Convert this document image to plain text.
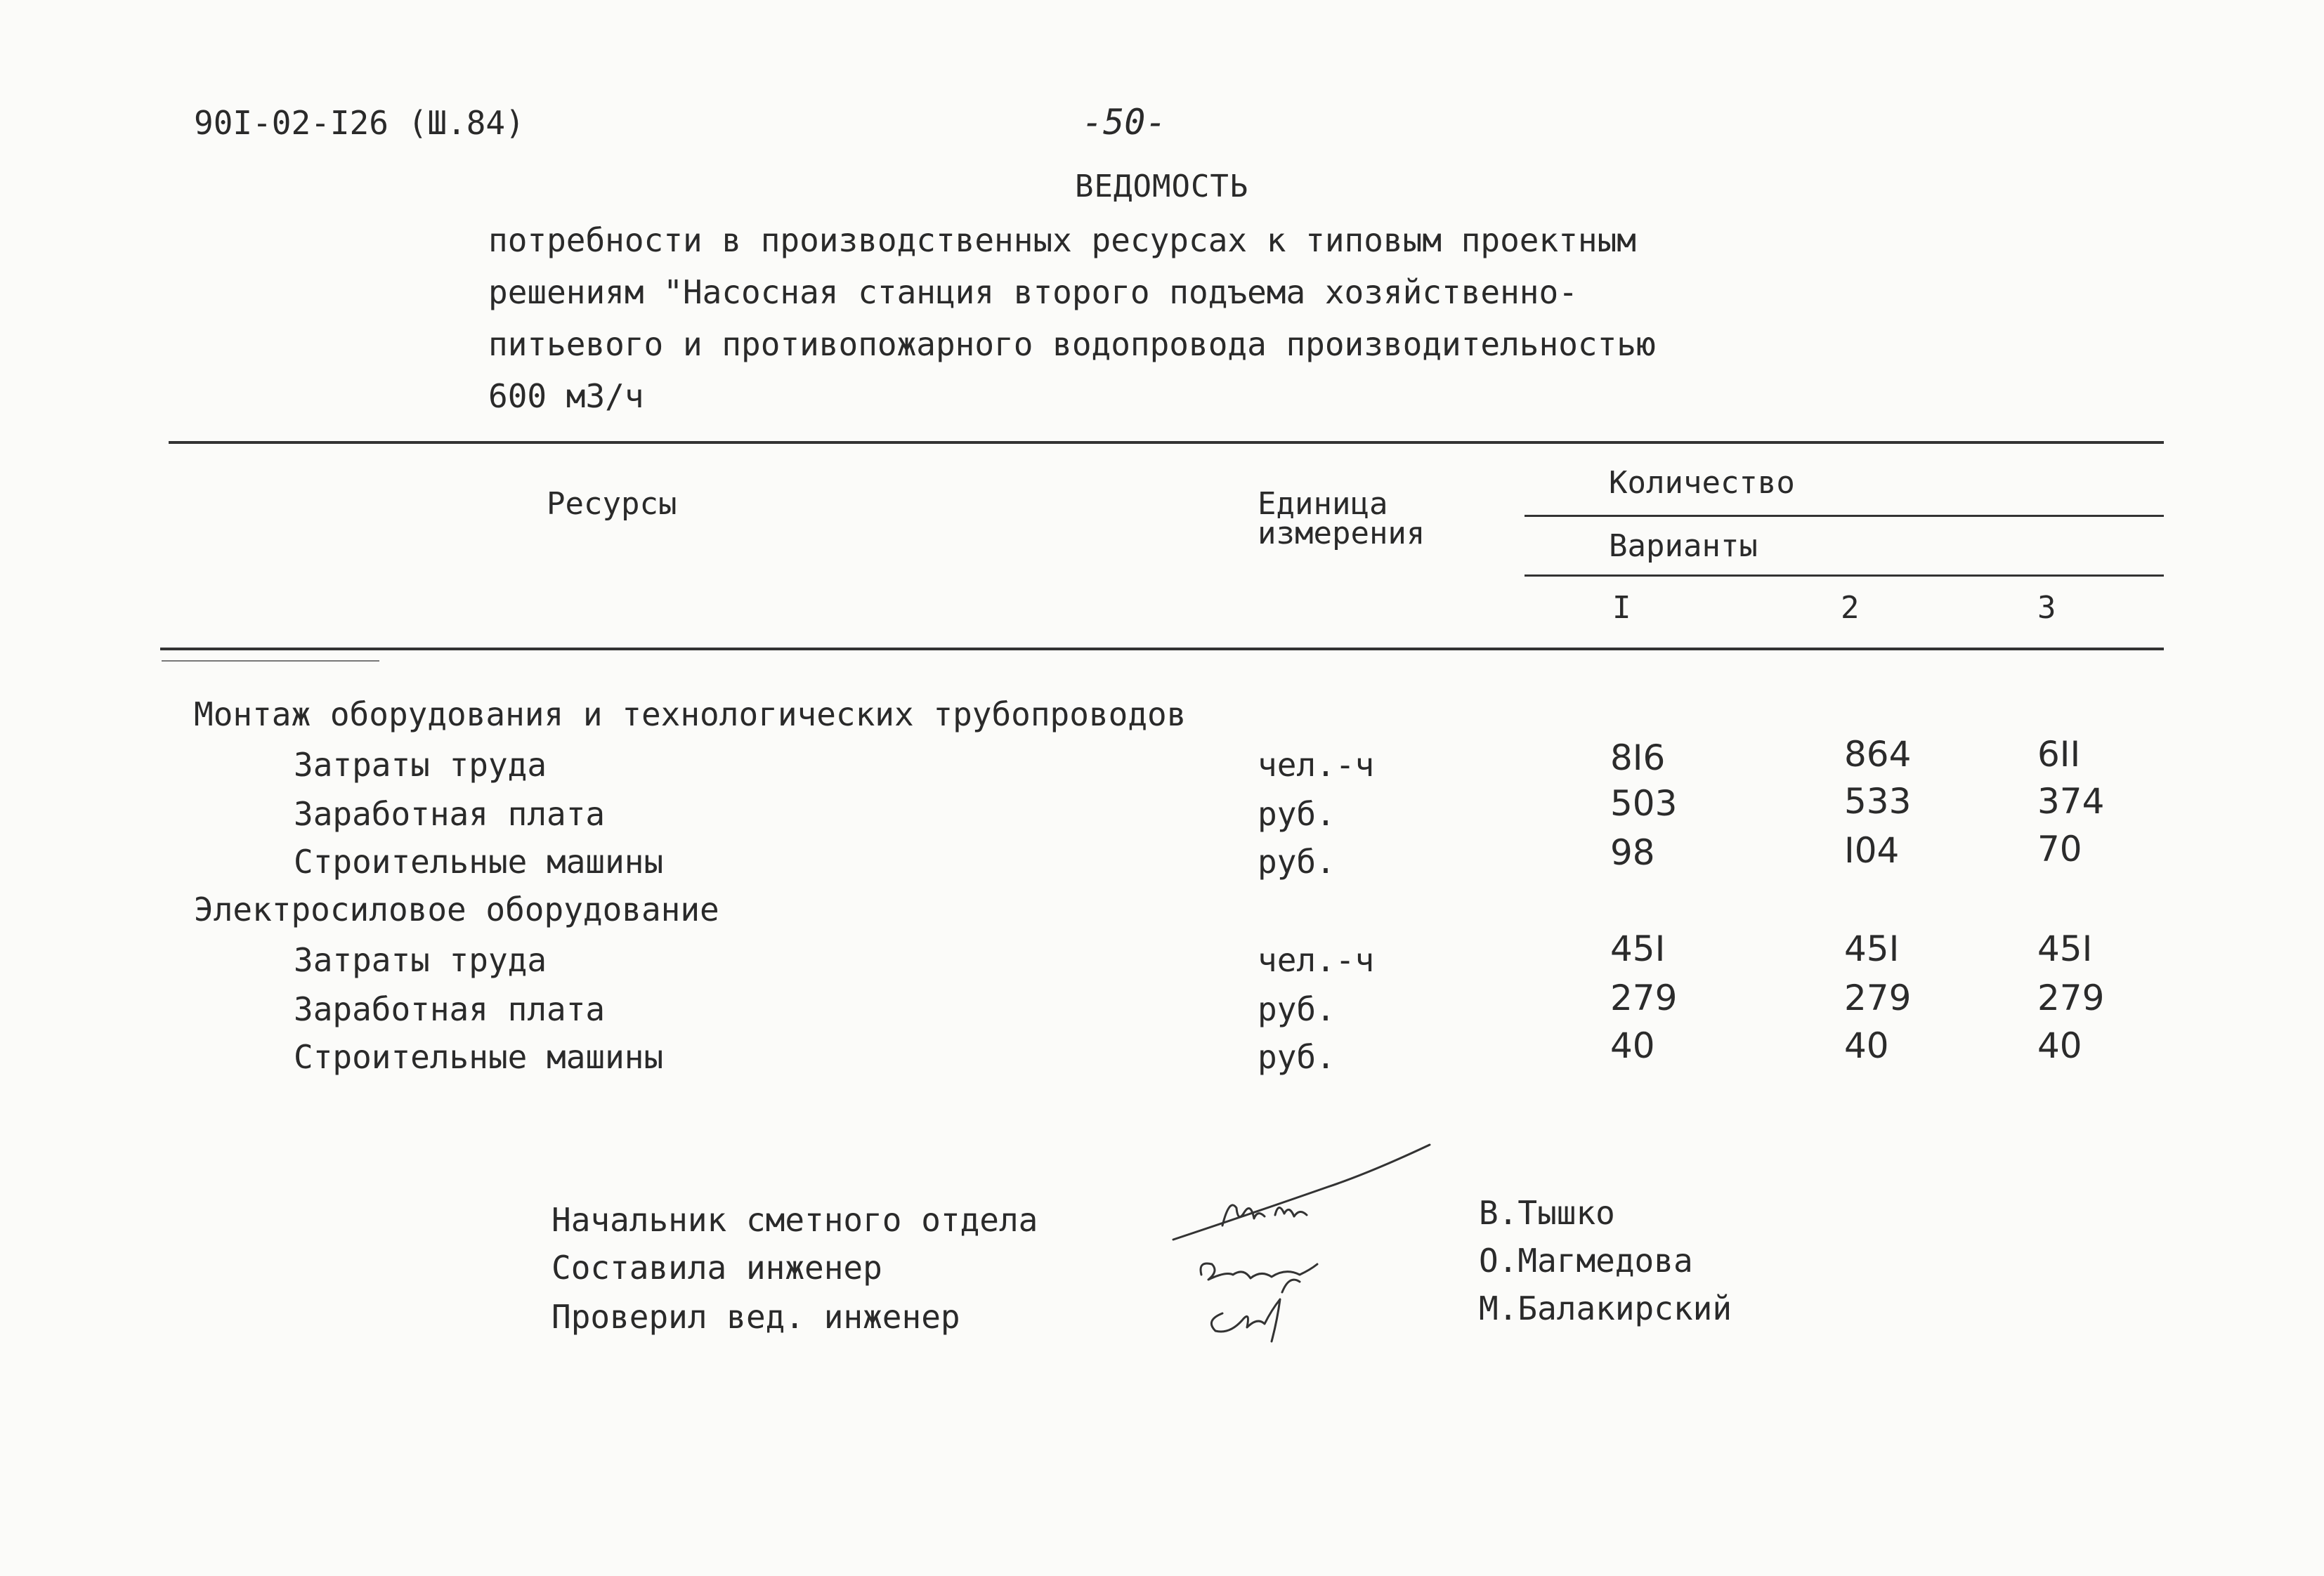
90I-02-I26 (Ш.84)	-50-
ВЕДОМОСТЬ
потребности в производственных ресурсах к типовым проектным
решениям "Насосная станция второго подъема хозяйственно-
питьевого и противопожарного водопровода производительностью
600 м3/ч
Ресурсы	Единица
измерения
Количество
Варианты
I	2	3
Монтаж оборудования и технологических трубопроводов
Затраты труда	чел.-ч	8I6	864	6II
Заработная плата	руб.	503	533	374
Строительные машины	руб.	98	I04	70
Электросиловое оборудование
Затраты труда	чел.-ч	45I	45I	45I
Заработная плата	руб.	279	279	279
Строительные машины	руб.	40	40	40
Начальник сметного отдела
Составила инженер
Проверил вед. инженер
В.Тышко
О.Магмедова
М.Балакирский
